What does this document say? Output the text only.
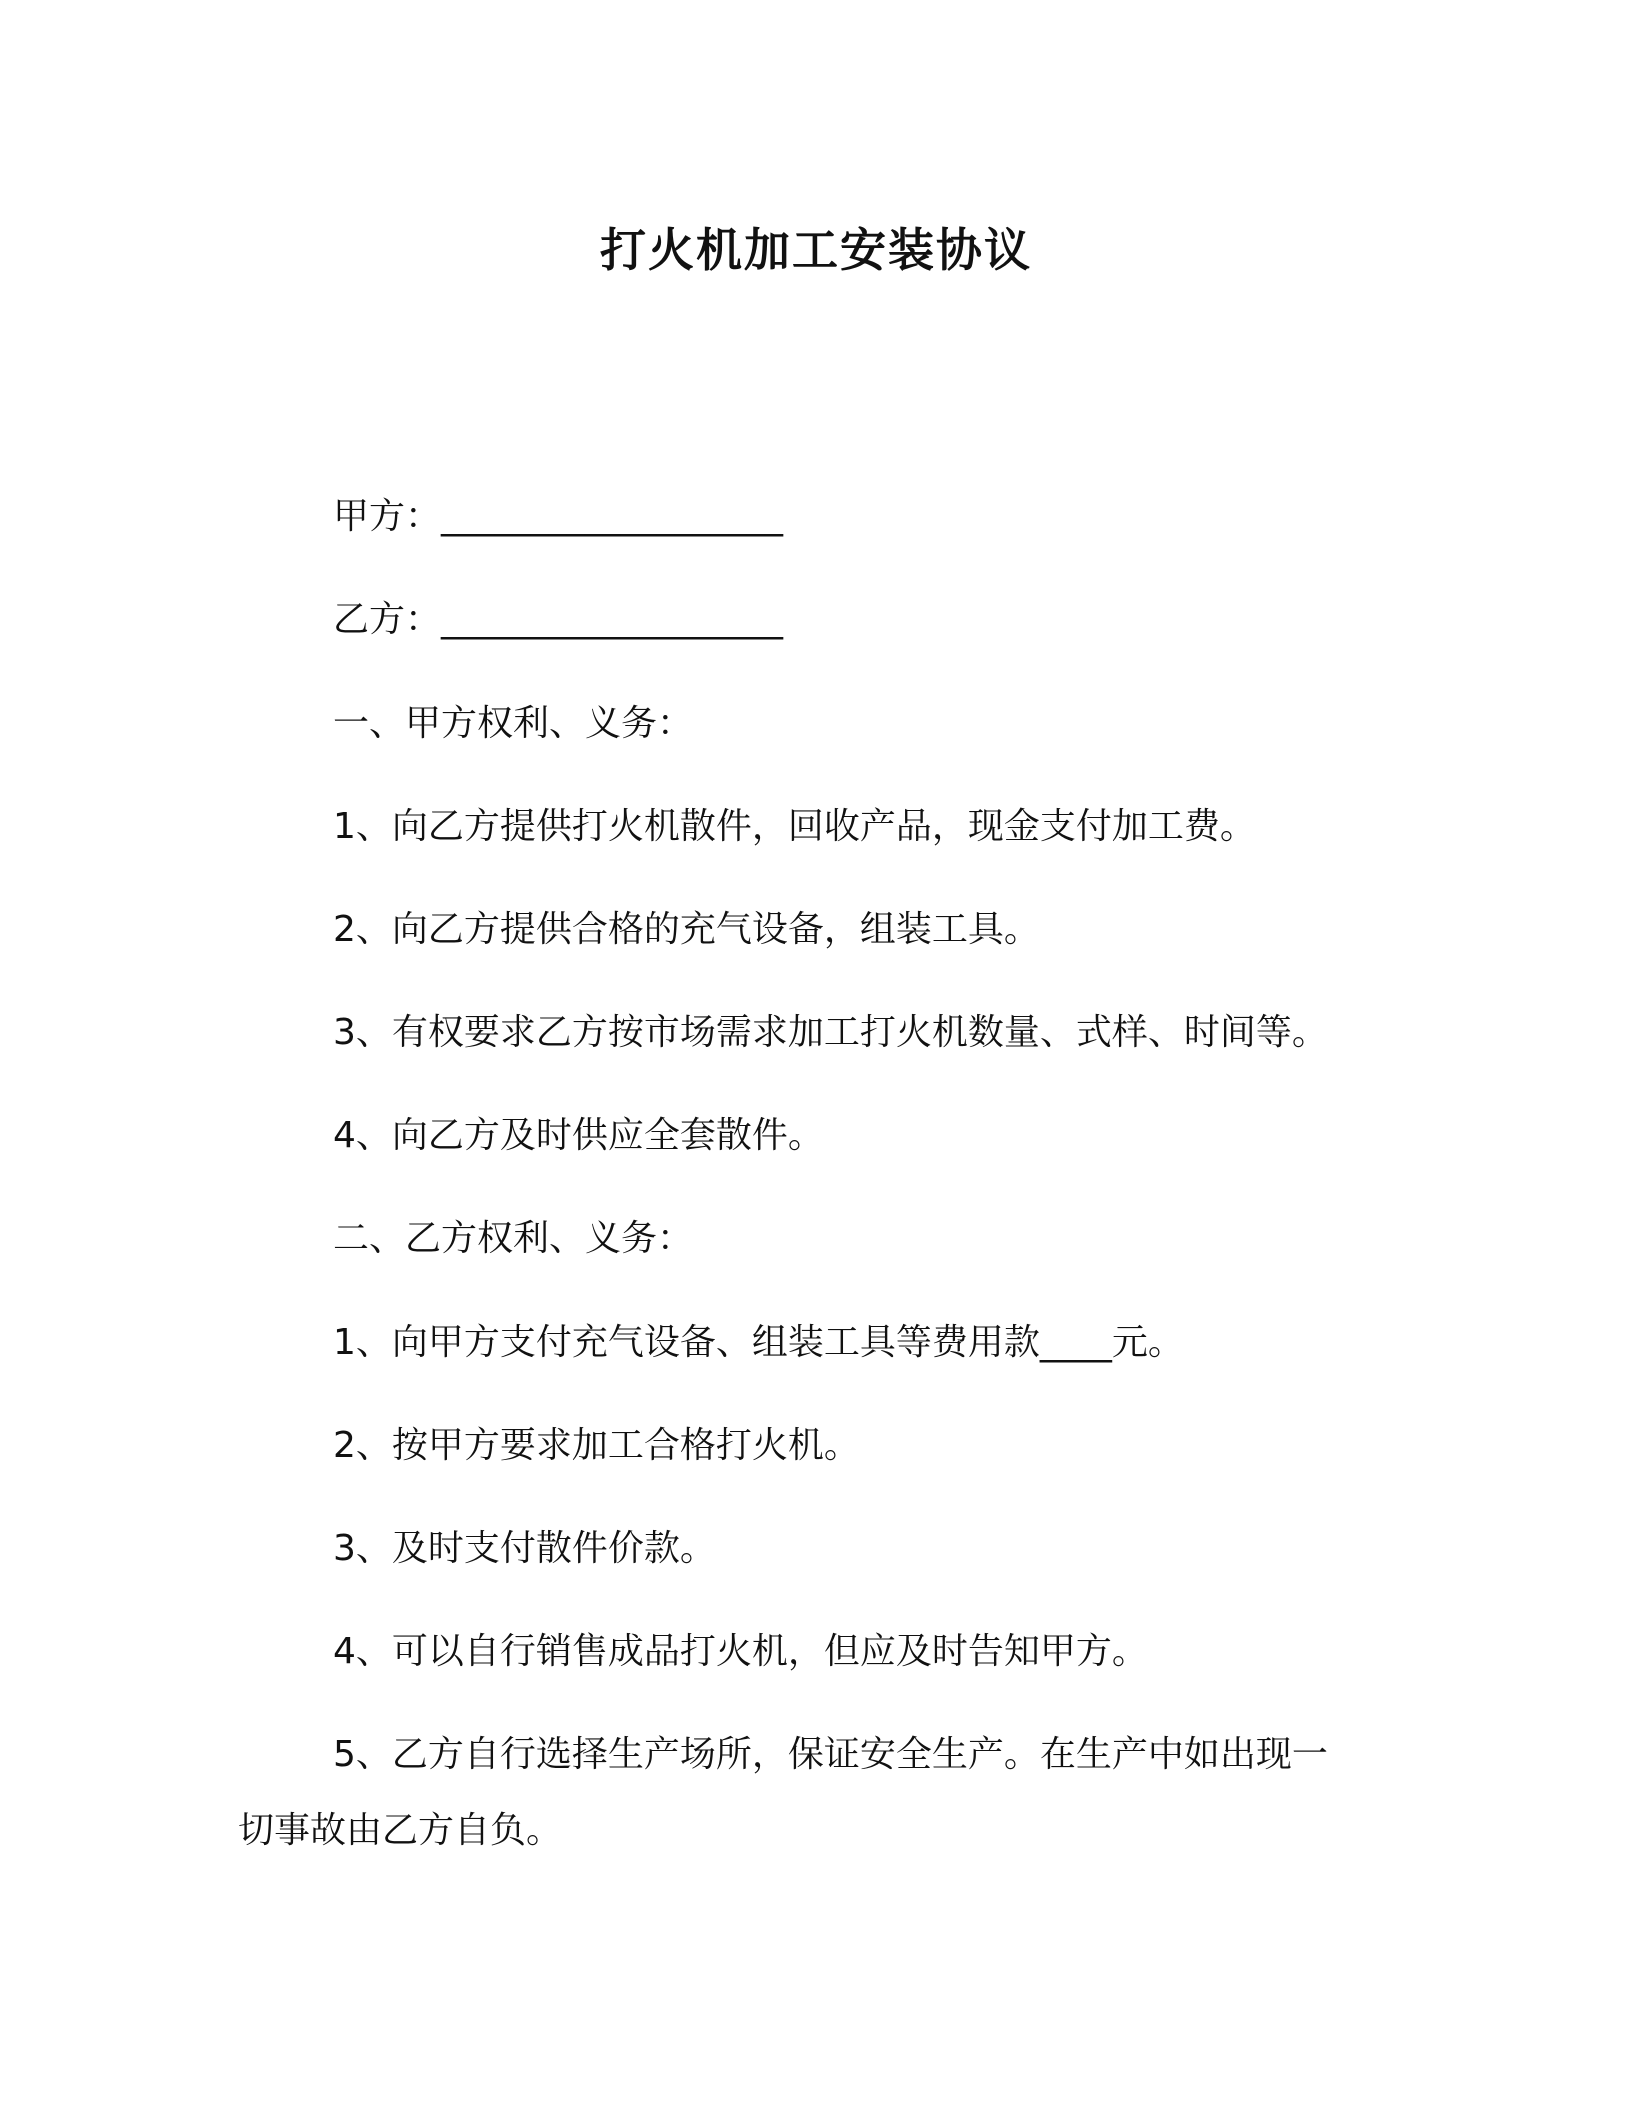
打火机加工安装协议
甲方：___________________
乙方：___________________
一、甲方权利、义务：
1、向乙方提供打火机散件，回收产品，现金支付加工费。
2、向乙方提供合格的充气设备，组装工具。
3、有权要求乙方按市场需求加工打火机数量、式样、时间等。
4、向乙方及时供应全套散件。
二、乙方权利、义务：
1、向甲方支付充气设备、组装工具等费用款____元。
2、按甲方要求加工合格打火机。
3、及时支付散件价款。
4、可以自行销售成品打火机，但应及时告知甲方。
5、乙方自行选择生产场所，保证安全生产。在生产中如出现一
切事故由乙方自负。
